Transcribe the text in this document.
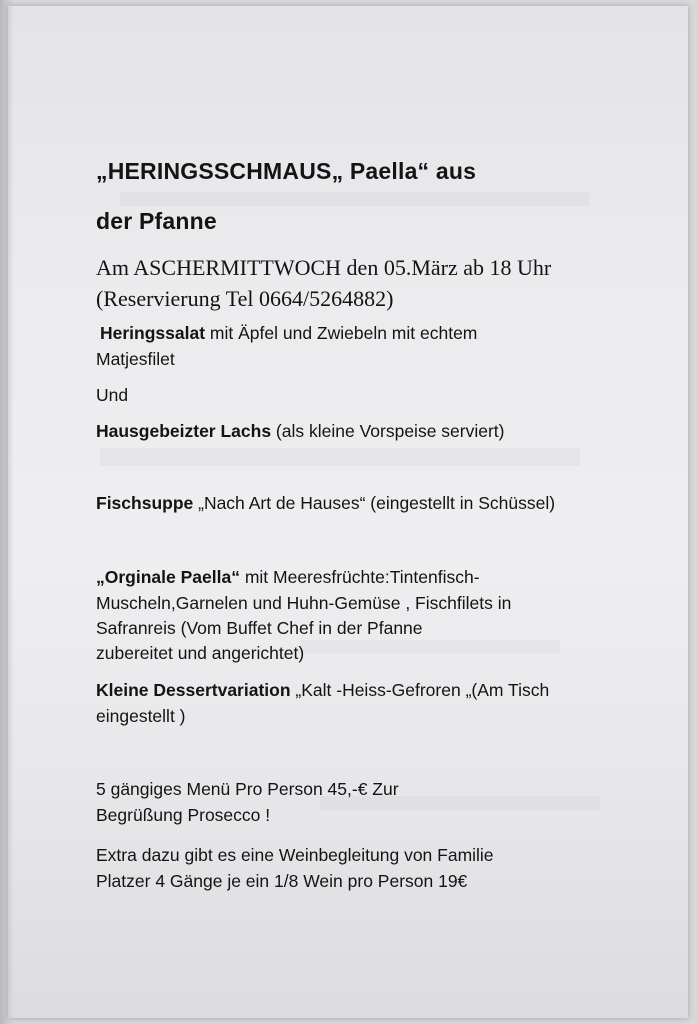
„HERINGSSCHMAUS„ Paella“ aus
der Pfanne
Am ASCHERMITTWOCH den 05.März ab 18 Uhr
(Reservierung Tel 0664/5264882)
Heringssalat mit Äpfel und Zwiebeln mit echtem
Matjesfilet
Und
Hausgebeizter Lachs (als kleine Vorspeise serviert)
Fischsuppe „Nach Art de Hauses“ (eingestellt in Schüssel)
„Orginale Paella“ mit Meeresfrüchte:Tintenfisch-
Muscheln,Garnelen und Huhn-Gemüse , Fischfilets in
Safranreis (Vom Buffet Chef in der Pfanne
zubereitet und angerichtet)
Kleine Dessertvariation „Kalt -Heiss-Gefroren „(Am Tisch
eingestellt )
5 gängiges Menü Pro Person 45,-€ Zur
Begrüßung Prosecco !
Extra dazu gibt es eine Weinbegleitung von Familie
Platzer 4 Gänge je ein 1/8 Wein pro Person 19€
